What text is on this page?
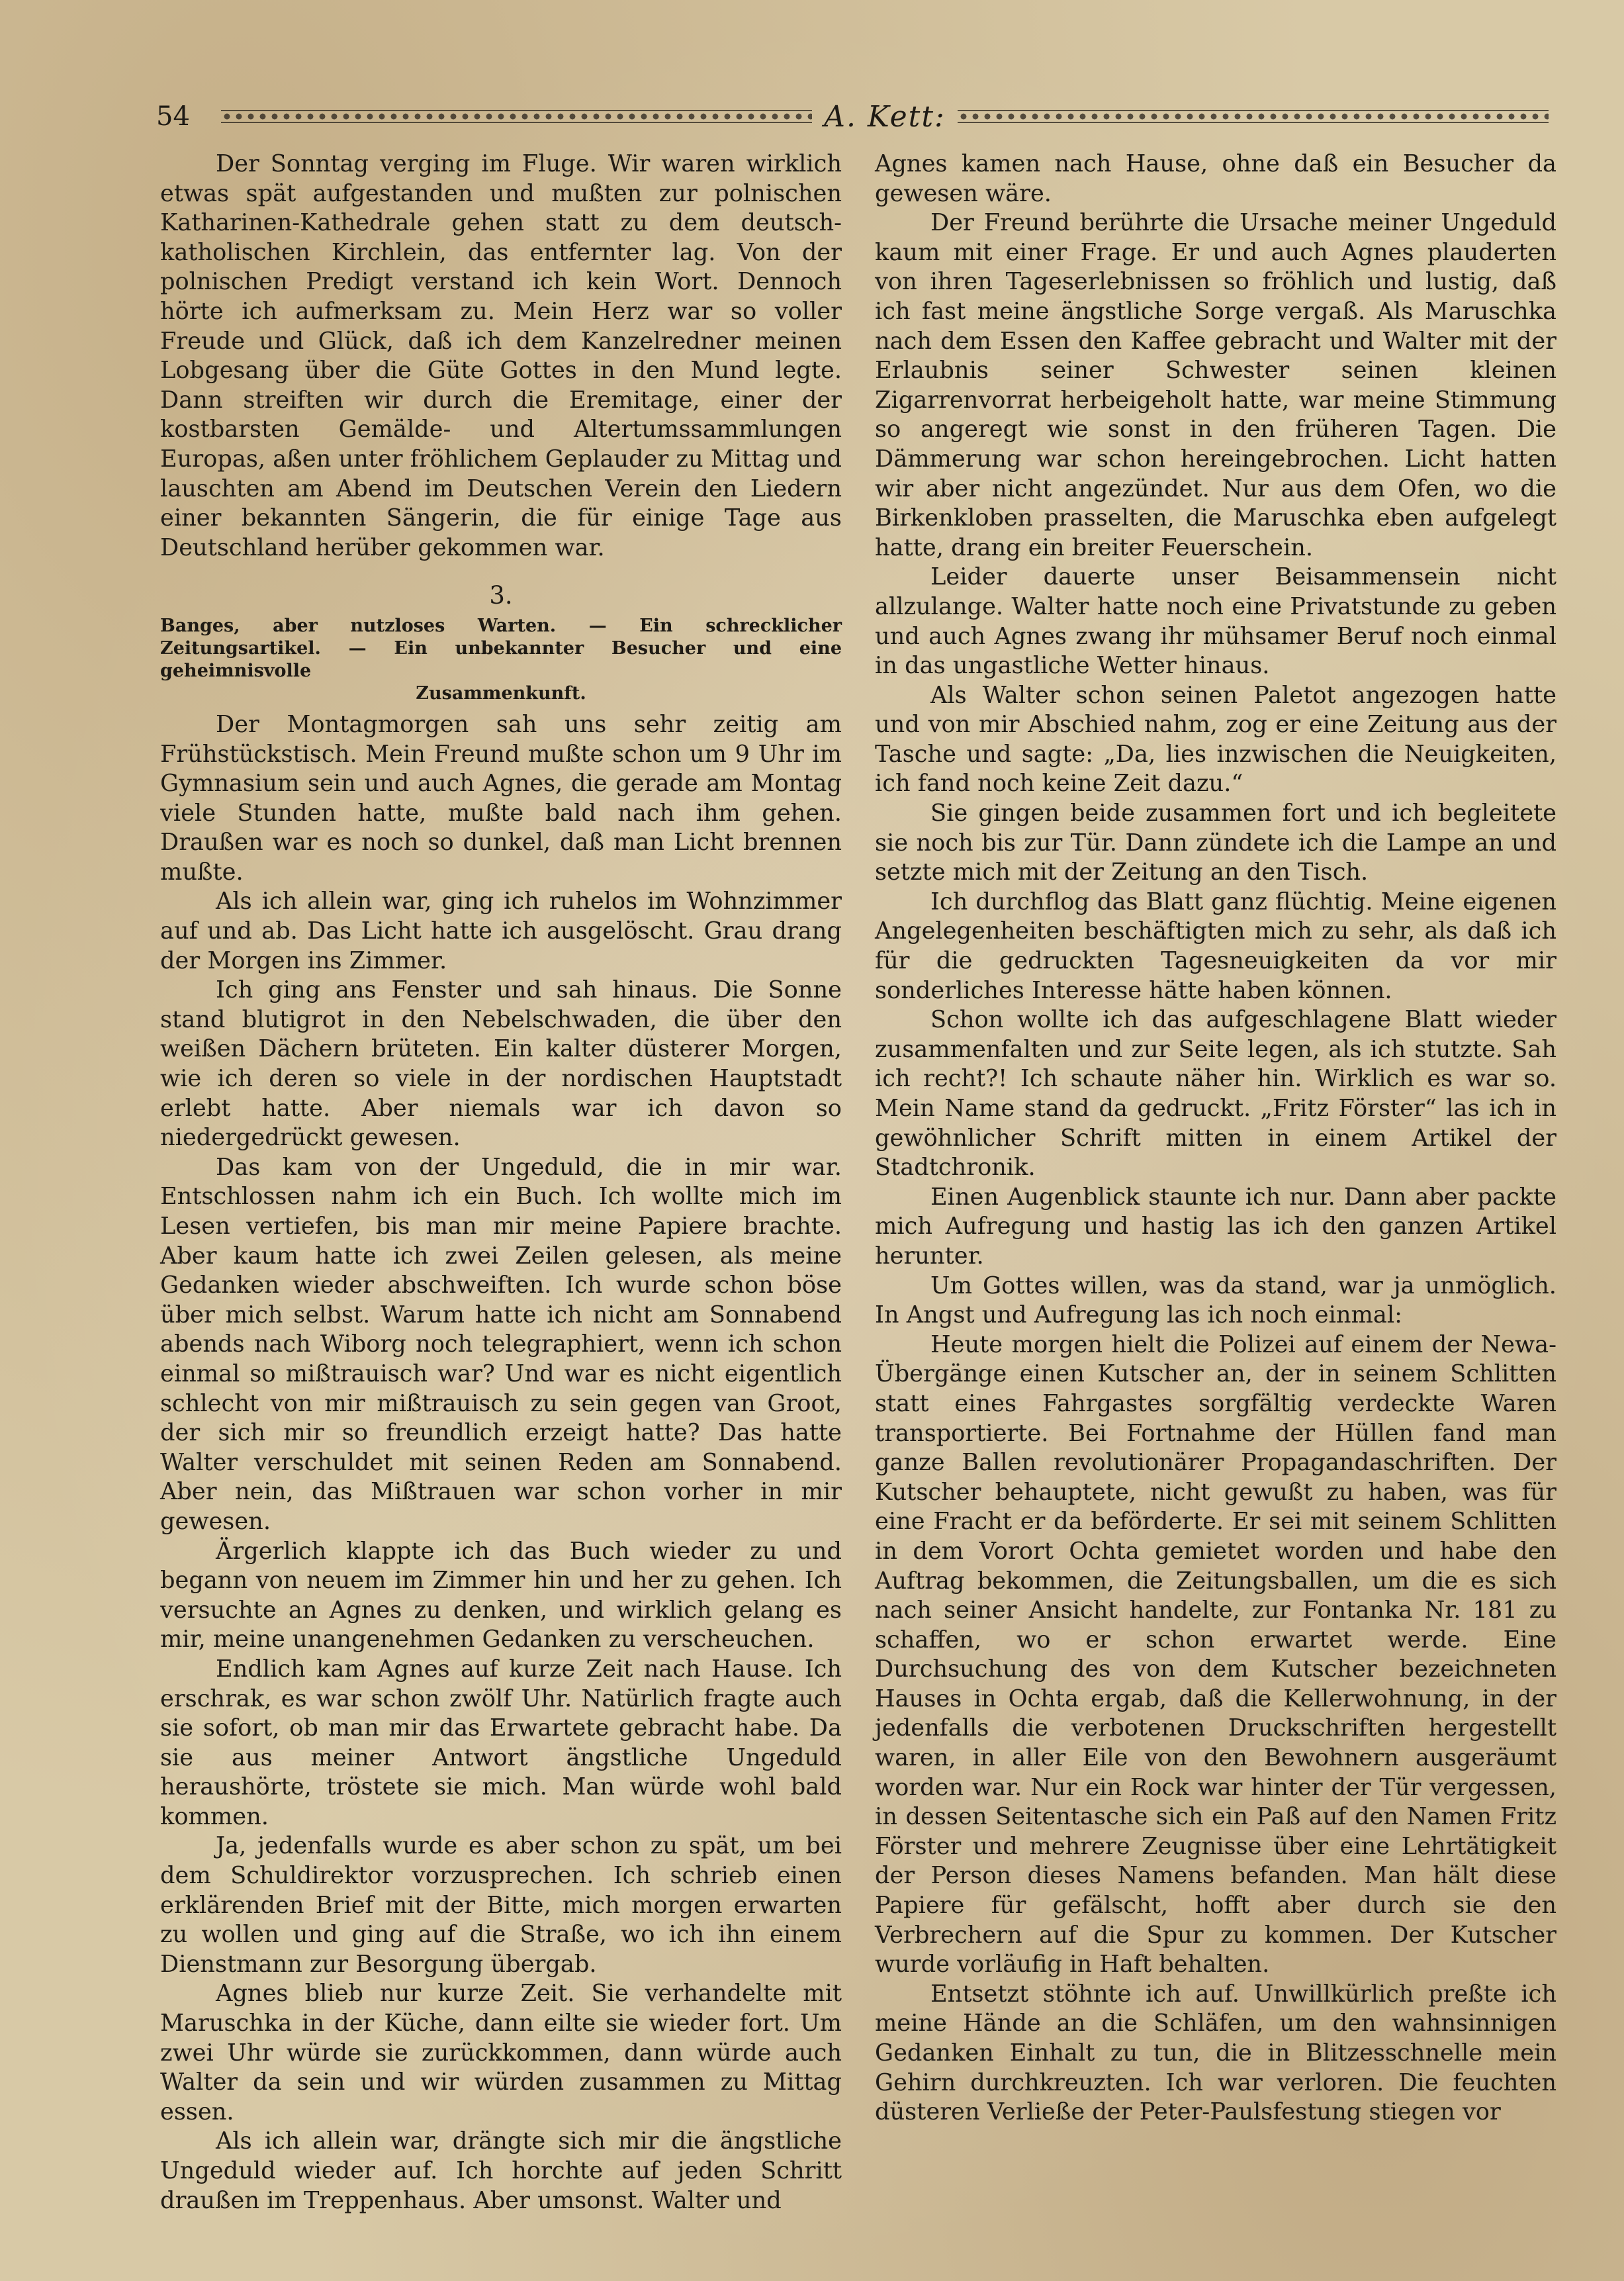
54	A. Kett:

Der Sonntag verging im Fluge. Wir waren wirklich etwas spät aufgestanden und mußten zur polnischen Katharinen-Kathedrale gehen statt zu dem deutsch-katholischen Kirchlein, das entfernter lag. Von der polnischen Predigt verstand ich kein Wort. Dennoch hörte ich aufmerksam zu. Mein Herz war so voller Freude und Glück, daß ich dem Kanzelredner meinen Lobgesang über die Güte Gottes in den Mund legte. Dann streiften wir durch die Eremitage, einer der kostbarsten Gemälde- und Altertumssammlungen Europas, aßen unter fröhlichem Geplauder zu Mittag und lauschten am Abend im Deutschen Verein den Liedern einer bekannten Sängerin, die für einige Tage aus Deutschland herüber gekommen war.

3.
Banges, aber nutzloses Warten. — Ein schrecklicher Zeitungsartikel. — Ein unbekannter Besucher und eine geheimnisvolle
Zusammenkunft.

Der Montagmorgen sah uns sehr zeitig am Frühstückstisch. Mein Freund mußte schon um 9 Uhr im Gymnasium sein und auch Agnes, die gerade am Montag viele Stunden hatte, mußte bald nach ihm gehen. Draußen war es noch so dunkel, daß man Licht brennen mußte.

Als ich allein war, ging ich ruhelos im Wohnzimmer auf und ab. Das Licht hatte ich ausgelöscht. Grau drang der Morgen ins Zimmer.

Ich ging ans Fenster und sah hinaus. Die Sonne stand blutigrot in den Nebelschwaden, die über den weißen Dächern brüteten. Ein kalter düsterer Morgen, wie ich deren so viele in der nordischen Hauptstadt erlebt hatte. Aber niemals war ich davon so niedergedrückt gewesen.

Das kam von der Ungeduld, die in mir war. Entschlossen nahm ich ein Buch. Ich wollte mich im Lesen vertiefen, bis man mir meine Papiere brachte. Aber kaum hatte ich zwei Zeilen gelesen, als meine Gedanken wieder abschweiften. Ich wurde schon böse über mich selbst. Warum hatte ich nicht am Sonnabend abends nach Wiborg noch telegraphiert, wenn ich schon einmal so mißtrauisch war? Und war es nicht eigentlich schlecht von mir mißtrauisch zu sein gegen van Groot, der sich mir so freundlich erzeigt hatte? Das hatte Walter verschuldet mit seinen Reden am Sonnabend. Aber nein, das Mißtrauen war schon vorher in mir gewesen.

Ärgerlich klappte ich das Buch wieder zu und begann von neuem im Zimmer hin und her zu gehen. Ich versuchte an Agnes zu denken, und wirklich gelang es mir, meine unangenehmen Gedanken zu verscheuchen.

Endlich kam Agnes auf kurze Zeit nach Hause. Ich erschrak, es war schon zwölf Uhr. Natürlich fragte auch sie sofort, ob man mir das Erwartete gebracht habe. Da sie aus meiner Antwort ängstliche Ungeduld heraushörte, tröstete sie mich. Man würde wohl bald kommen.

Ja, jedenfalls wurde es aber schon zu spät, um bei dem Schuldirektor vorzusprechen. Ich schrieb einen erklärenden Brief mit der Bitte, mich morgen erwarten zu wollen und ging auf die Straße, wo ich ihn einem Dienstmann zur Besorgung übergab.

Agnes blieb nur kurze Zeit. Sie verhandelte mit Maruschka in der Küche, dann eilte sie wieder fort. Um zwei Uhr würde sie zurückkommen, dann würde auch Walter da sein und wir würden zusammen zu Mittag essen.

Als ich allein war, drängte sich mir die ängstliche Ungeduld wieder auf. Ich horchte auf jeden Schritt draußen im Treppenhaus. Aber umsonst. Walter und

Agnes kamen nach Hause, ohne daß ein Besucher da gewesen wäre.

Der Freund berührte die Ursache meiner Ungeduld kaum mit einer Frage. Er und auch Agnes plauderten von ihren Tageserlebnissen so fröhlich und lustig, daß ich fast meine ängstliche Sorge vergaß. Als Maruschka nach dem Essen den Kaffee gebracht und Walter mit der Erlaubnis seiner Schwester seinen kleinen Zigarrenvorrat herbeigeholt hatte, war meine Stimmung so angeregt wie sonst in den früheren Tagen. Die Dämmerung war schon hereingebrochen. Licht hatten wir aber nicht angezündet. Nur aus dem Ofen, wo die Birkenkloben prasselten, die Maruschka eben aufgelegt hatte, drang ein breiter Feuerschein.

Leider dauerte unser Beisammensein nicht allzulange. Walter hatte noch eine Privatstunde zu geben und auch Agnes zwang ihr mühsamer Beruf noch einmal in das ungastliche Wetter hinaus.

Als Walter schon seinen Paletot angezogen hatte und von mir Abschied nahm, zog er eine Zeitung aus der Tasche und sagte: „Da, lies inzwischen die Neuigkeiten, ich fand noch keine Zeit dazu.“

Sie gingen beide zusammen fort und ich begleitete sie noch bis zur Tür. Dann zündete ich die Lampe an und setzte mich mit der Zeitung an den Tisch.

Ich durchflog das Blatt ganz flüchtig. Meine eigenen Angelegenheiten beschäftigten mich zu sehr, als daß ich für die gedruckten Tagesneuigkeiten da vor mir sonderliches Interesse hätte haben können.

Schon wollte ich das aufgeschlagene Blatt wieder zusammenfalten und zur Seite legen, als ich stutzte. Sah ich recht?! Ich schaute näher hin. Wirklich es war so. Mein Name stand da gedruckt. „Fritz Förster“ las ich in gewöhnlicher Schrift mitten in einem Artikel der Stadtchronik.

Einen Augenblick staunte ich nur. Dann aber packte mich Aufregung und hastig las ich den ganzen Artikel herunter.

Um Gottes willen, was da stand, war ja unmöglich. In Angst und Aufregung las ich noch einmal:

Heute morgen hielt die Polizei auf einem der Newa-Übergänge einen Kutscher an, der in seinem Schlitten statt eines Fahrgastes sorgfältig verdeckte Waren transportierte. Bei Fortnahme der Hüllen fand man ganze Ballen revolutionärer Propagandaschriften. Der Kutscher behauptete, nicht gewußt zu haben, was für eine Fracht er da beförderte. Er sei mit seinem Schlitten in dem Vorort Ochta gemietet worden und habe den Auftrag bekommen, die Zeitungsballen, um die es sich nach seiner Ansicht handelte, zur Fontanka Nr. 181 zu schaffen, wo er schon erwartet werde. Eine Durchsuchung des von dem Kutscher bezeichneten Hauses in Ochta ergab, daß die Kellerwohnung, in der jedenfalls die verbotenen Druckschriften hergestellt waren, in aller Eile von den Bewohnern ausgeräumt worden war. Nur ein Rock war hinter der Tür vergessen, in dessen Seitentasche sich ein Paß auf den Namen Fritz Förster und mehrere Zeugnisse über eine Lehrtätigkeit der Person dieses Namens befanden. Man hält diese Papiere für gefälscht, hofft aber durch sie den Verbrechern auf die Spur zu kommen. Der Kutscher wurde vorläufig in Haft behalten.

Entsetzt stöhnte ich auf. Unwillkürlich preßte ich meine Hände an die Schläfen, um den wahnsinnigen Gedanken Einhalt zu tun, die in Blitzesschnelle mein Gehirn durchkreuzten. Ich war verloren. Die feuchten düsteren Verließe der Peter-Paulsfestung stiegen vor
